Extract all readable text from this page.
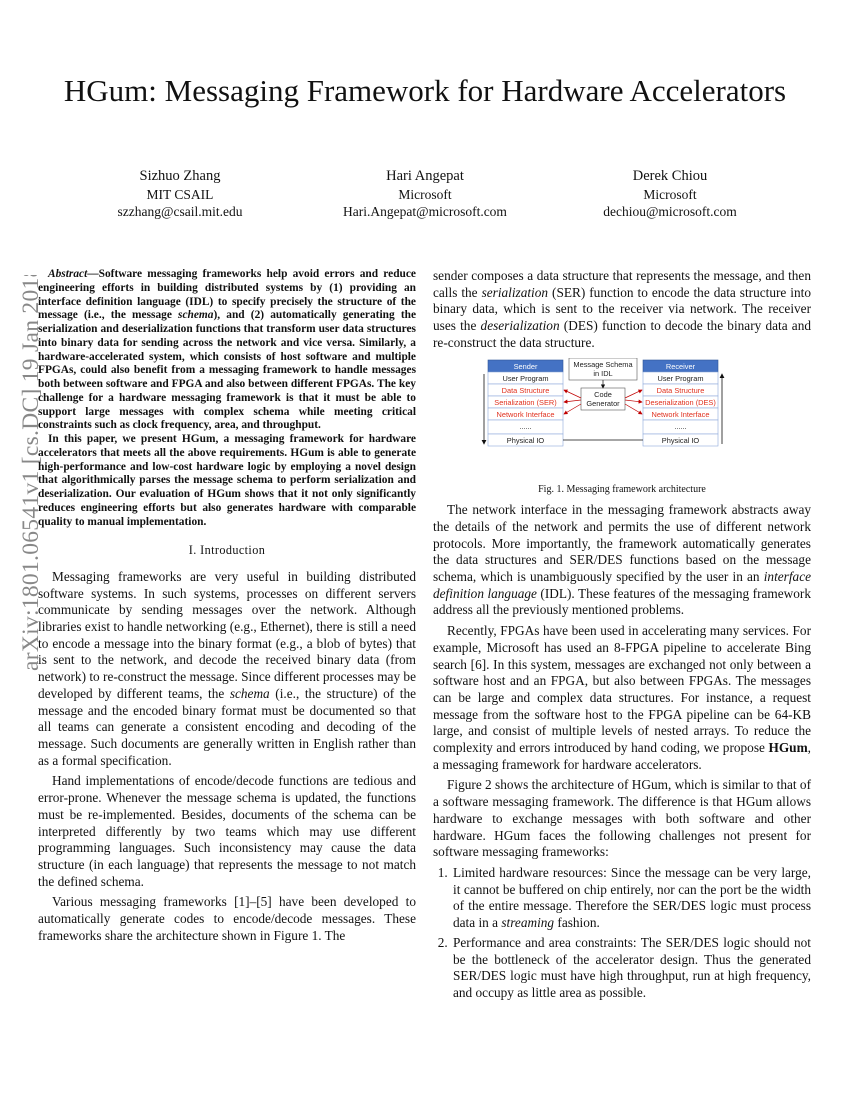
arXiv:1801.06541v1 [cs.DC] 19 Jan 2018
HGum: Messaging Framework for Hardware Accelerators
Sizhuo Zhang
MIT CSAIL
szzhang@csail.mit.edu
Hari Angepat
Microsoft
Hari.Angepat@microsoft.com
Derek Chiou
Microsoft
dechiou@microsoft.com

Abstract—Software messaging frameworks help avoid errors and reduce engineering efforts in building distributed systems by (1) providing an interface definition language (IDL) to specify precisely the structure of the message (i.e., the message schema), and (2) automatically generating the serialization and deserialization functions that transform user data structures into binary data for sending across the network and vice versa. Similarly, a hardware-accelerated system, which consists of host software and multiple FPGAs, could also benefit from a messaging framework to handle messages both between software and FPGA and also between different FPGAs. The key challenge for a hardware messaging framework is that it must be able to support large messages with complex schema while meeting critical constraints such as clock frequency, area, and throughput.

In this paper, we present HGum, a messaging framework for hardware accelerators that meets all the above requirements. HGum is able to generate high-performance and low-cost hardware logic by employing a novel design that algorithmically parses the message schema to perform serialization and deserialization. Our evaluation of HGum shows that it not only significantly reduces engineering efforts but also generates hardware with comparable quality to manual implementation.

I. Introduction

Messaging frameworks are very useful in building distributed software systems. In such systems, processes on different servers communicate by sending messages over the network. Although libraries exist to handle networking (e.g., Ethernet), there is still a need to encode a message into the binary format (e.g., a blob of bytes) that is sent to the network, and decode the received binary data (from network) to re-construct the message. Since different processes may be developed by different teams, the schema (i.e., the structure) of the message and the encoded binary format must be documented so that all teams can generate a consistent encoding and decoding of the message. Such documents are generally written in English rather than as a formal specification.

Hand implementations of encode/decode functions are tedious and error-prone. Whenever the message schema is updated, the functions must be re-implemented. Besides, documents of the schema can be interpreted differently by two teams which may use different programming languages. Such inconsistency may cause the data structure (in each language) that represents the message to not match the defined schema.

Various messaging frameworks [1]–[5] have been developed to automatically generate codes to encode/decode messages. These frameworks share the architecture shown in Figure 1. The

sender composes a data structure that represents the message, and then calls the serialization (SER) function to encode the data structure into binary data, which is sent to the receiver via network. The receiver uses the deserialization (DES) function to decode the binary data and re-construct the data structure.

Sender
User Program
Data Structure
Serialization (SER)
Network Interface
......
Physical IO
Receiver
User Program
Data Structure
Deserialization (DES)
Network Interface
......
Physical IO
Message Schema
in IDL
Code
Generator
Fig. 1. Messaging framework architecture

The network interface in the messaging framework abstracts away the details of the network and permits the use of different network protocols. More importantly, the framework automatically generates the data structures and SER/DES functions based on the message schema, which is unambiguously specified by the user in an interface definition language (IDL). These features of the messaging framework address all the previously mentioned problems.

Recently, FPGAs have been used in accelerating many services. For example, Microsoft has used an 8-FPGA pipeline to accelerate Bing search [6]. In this system, messages are exchanged not only between a software host and an FPGA, but also between FPGAs. The messages can be large and complex data structures. For instance, a request message from the software host to the FPGA pipeline can be 64-KB large, and consist of multiple levels of nested arrays. To reduce the complexity and errors introduced by hand coding, we propose HGum, a messaging framework for hardware accelerators.

Figure 2 shows the architecture of HGum, which is similar to that of a software messaging framework. The difference is that HGum allows hardware to exchange messages with both software and other hardware. HGum faces the following challenges not present for software messaging frameworks:

1. Limited hardware resources: Since the message can be very large, it cannot be buffered on chip entirely, nor can the port be the width of the entire message. Therefore the SER/DES logic must process data in a streaming fashion.
2. Performance and area constraints: The SER/DES logic should not be the bottleneck of the accelerator design. Thus the generated SER/DES logic must have high throughput, run at high frequency, and occupy as little area as possible.
